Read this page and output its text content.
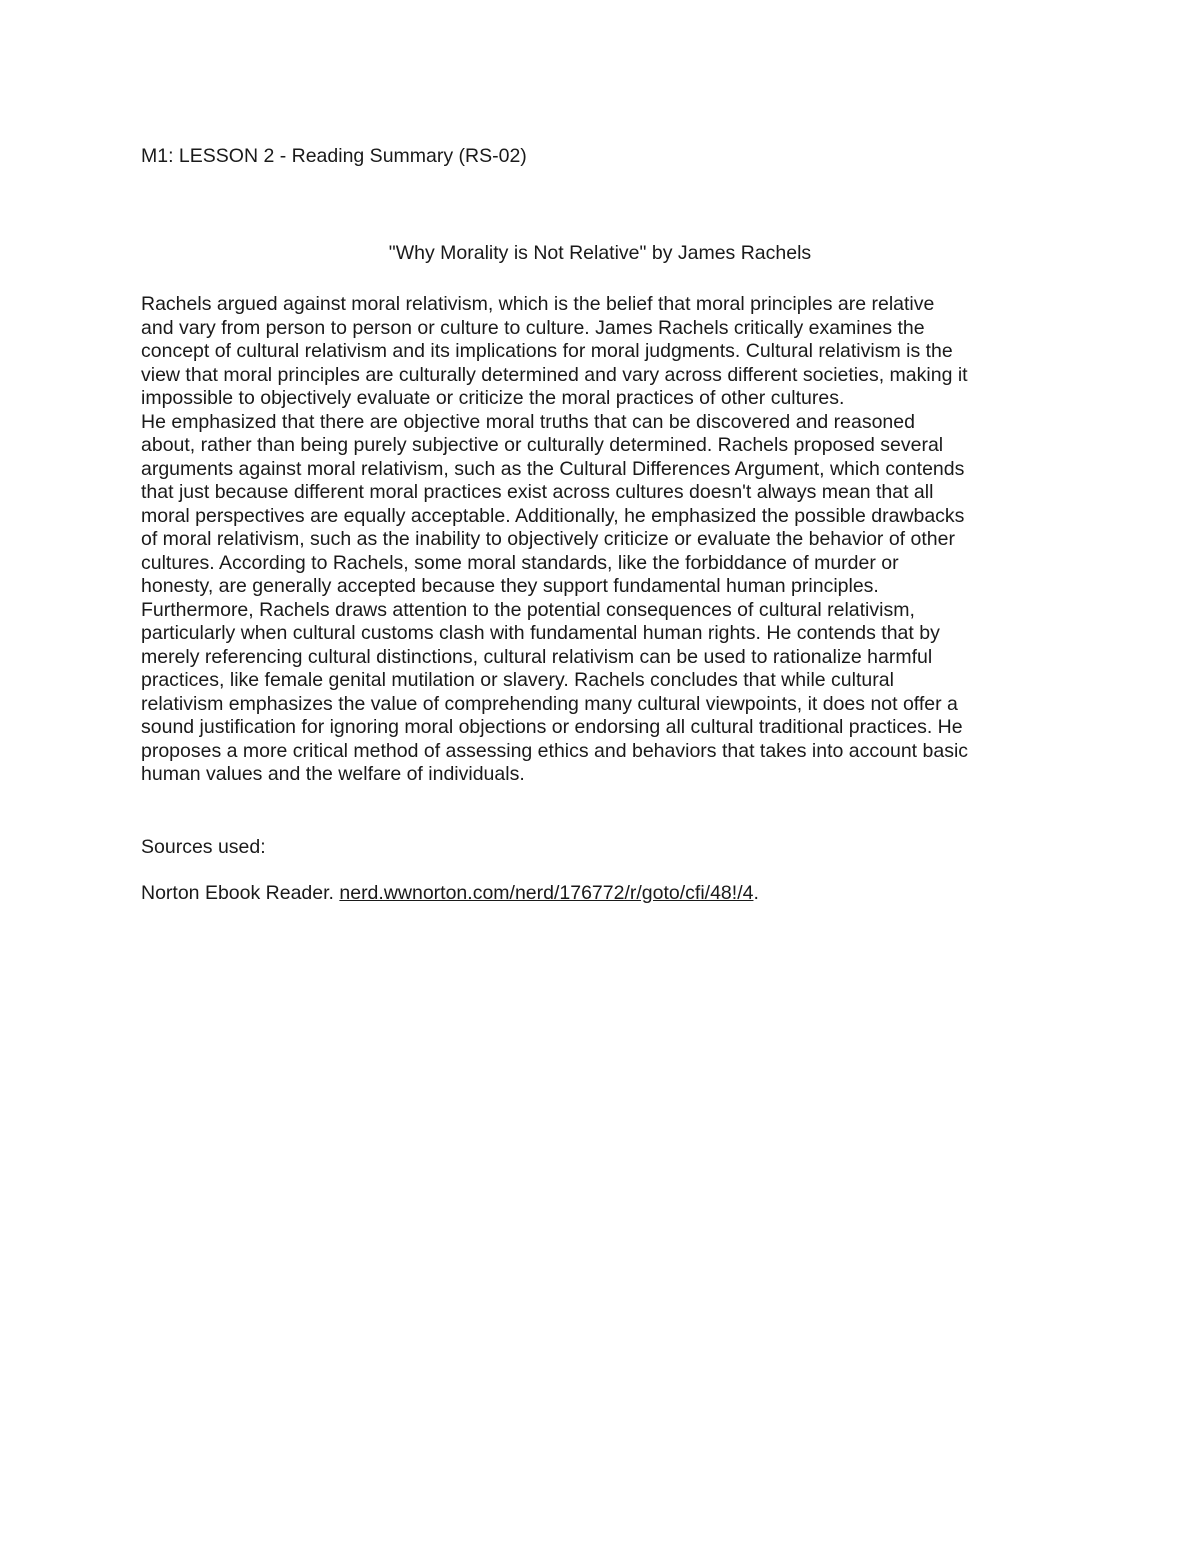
M1: LESSON 2 - Reading Summary (RS-02)
"Why Morality is Not Relative" by James Rachels
Rachels argued against moral relativism, which is the belief that moral principles are relative
and vary from person to person or culture to culture. James Rachels critically examines the
concept of cultural relativism and its implications for moral judgments. Cultural relativism is the
view that moral principles are culturally determined and vary across different societies, making it
impossible to objectively evaluate or criticize the moral practices of other cultures.
He emphasized that there are objective moral truths that can be discovered and reasoned
about, rather than being purely subjective or culturally determined. Rachels proposed several
arguments against moral relativism, such as the Cultural Differences Argument, which contends
that just because different moral practices exist across cultures doesn't always mean that all
moral perspectives are equally acceptable. Additionally, he emphasized the possible drawbacks
of moral relativism, such as the inability to objectively criticize or evaluate the behavior of other
cultures. According to Rachels, some moral standards, like the forbiddance of murder or
honesty, are generally accepted because they support fundamental human principles.
Furthermore, Rachels draws attention to the potential consequences of cultural relativism,
particularly when cultural customs clash with fundamental human rights. He contends that by
merely referencing cultural distinctions, cultural relativism can be used to rationalize harmful
practices, like female genital mutilation or slavery. Rachels concludes that while cultural
relativism emphasizes the value of comprehending many cultural viewpoints, it does not offer a
sound justification for ignoring moral objections or endorsing all cultural traditional practices. He
proposes a more critical method of assessing ethics and behaviors that takes into account basic
human values and the welfare of individuals.
Sources used:
Norton Ebook Reader. nerd.wwnorton.com/nerd/176772/r/goto/cfi/48!/4.
